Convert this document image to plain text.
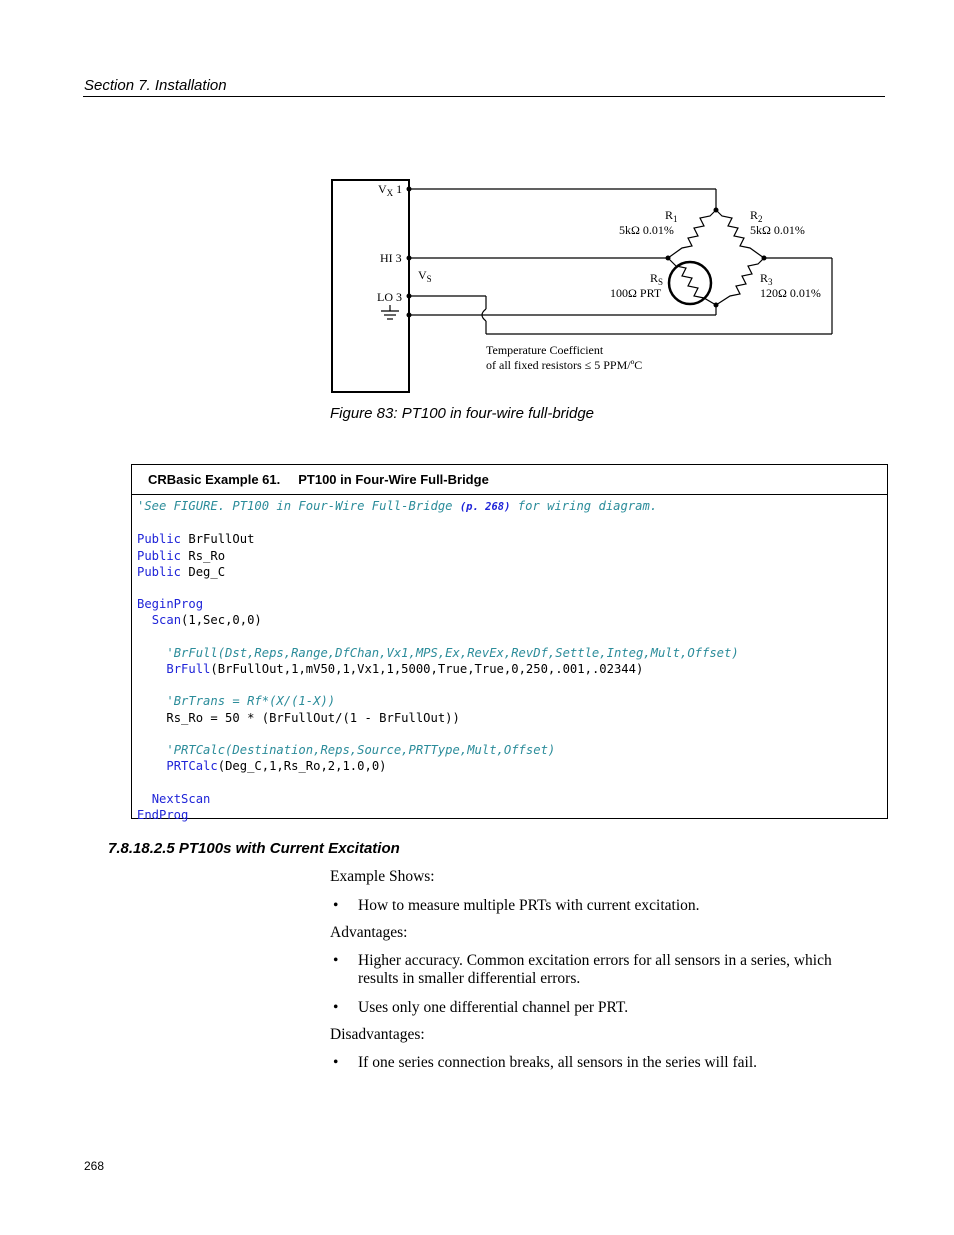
Section 7. Installation
$V_X$ 1
HI 3
$V_S$
LO 3
$R_1$
5kΩ 0.01%
$R_2$
5kΩ 0.01%
$R_S$
100Ω PRT
$R_3$
120Ω 0.01%
Temperature Coefficient
of all fixed resistors ≤ 5 PPM/ºC
Figure 83: PT100 in four-wire full-bridge
CRBasic Example 61. PT100 in Four-Wire Full-Bridge
'See FIGURE. PT100 in Four-Wire Full-Bridge (p. 268) for wiring diagram.

Public BrFullOut
Public Rs_Ro
Public Deg_C

BeginProg
Scan(1,Sec,0,0)

'BrFull(Dst,Reps,Range,DfChan,Vx1,MPS,Ex,RevEx,RevDf,Settle,Integ,Mult,Offset)
BrFull(BrFullOut,1,mV50,1,Vx1,1,5000,True,True,0,250,.001,.02344)

'BrTrans = Rf*(X/(1-X))
Rs_Ro = 50 * (BrFullOut/(1 - BrFullOut))

'PRTCalc(Destination,Reps,Source,PRTType,Mult,Offset)
PRTCalc(Deg_C,1,Rs_Ro,2,1.0,0)

NextScan
EndProg
7.8.18.2.5 PT100s with Current Excitation
Example Shows:
• How to measure multiple PRTs with current excitation.
Advantages:
• Higher accuracy. Common excitation errors for all sensors in a series, which results in smaller differential errors.
• Uses only one differential channel per PRT.
Disadvantages:
• If one series connection breaks, all sensors in the series will fail.
268
